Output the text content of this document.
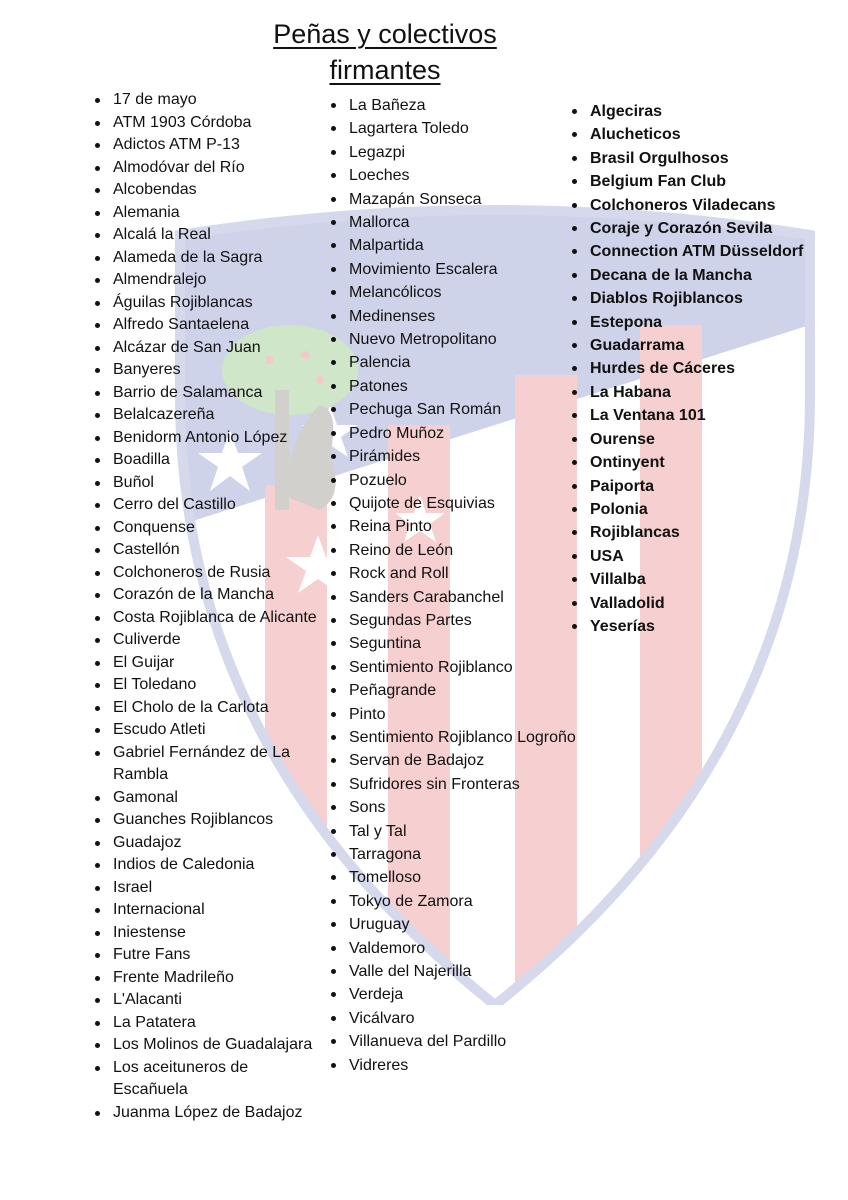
Peñas y colectivos
firmantes
17 de mayo
ATM 1903 Córdoba
Adictos ATM P-13
Almodóvar del Río
Alcobendas
Alemania
Alcalá la Real
Alameda de la Sagra
Almendralejo
Águilas Rojiblancas
Alfredo Santaelena
Alcázar de San Juan
Banyeres
Barrio de Salamanca
Belalcazereña
Benidorm Antonio López
Boadilla
Buñol
Cerro del Castillo
Conquense
Castellón
Colchoneros de Rusia
Corazón de la Mancha
Costa Rojiblanca de Alicante
Culiverde
El Guijar
El Toledano
El Cholo de la Carlota
Escudo Atleti
Gabriel Fernández de La Rambla
Gamonal
Guanches Rojiblancos
Guadajoz
Indios de Caledonia
Israel
Internacional
Iniestense
Futre Fans
Frente Madrileño
L'Alacanti
La Patatera
Los Molinos de Guadalajara
Los aceituneros de Escañuela
Juanma López de Badajoz
La Bañeza
Lagartera Toledo
Legazpi
Loeches
Mazapán Sonseca
Mallorca
Malpartida
Movimiento Escalera
Melancólicos
Medinenses
Nuevo Metropolitano
Palencia
Patones
Pechuga San Román
Pedro Muñoz
Pirámides
Pozuelo
Quijote de Esquivias
Reina Pinto
Reino de León
Rock and Roll
Sanders Carabanchel
Segundas Partes
Seguntina
Sentimiento Rojiblanco
Peñagrande
Pinto
Sentimiento Rojiblanco Logroño
Servan de Badajoz
Sufridores sin Fronteras
Sons
Tal y Tal
Tarragona
Tomelloso
Tokyo de Zamora
Uruguay
Valdemoro
Valle del Najerilla
Verdeja
Vicálvaro
Villanueva del Pardillo
Vidreres
Algeciras
Alucheticos
Brasil Orgulhosos
Belgium Fan Club
Colchoneros Viladecans
Coraje y Corazón Sevila
Connection ATM Düsseldorf
Decana de la Mancha
Diablos Rojiblancos
Estepona
Guadarrama
Hurdes de Cáceres
La Habana
La Ventana 101
Ourense
Ontinyent
Paiporta
Polonia
Rojiblancas
USA
Villalba
Valladolid
Yeserías
